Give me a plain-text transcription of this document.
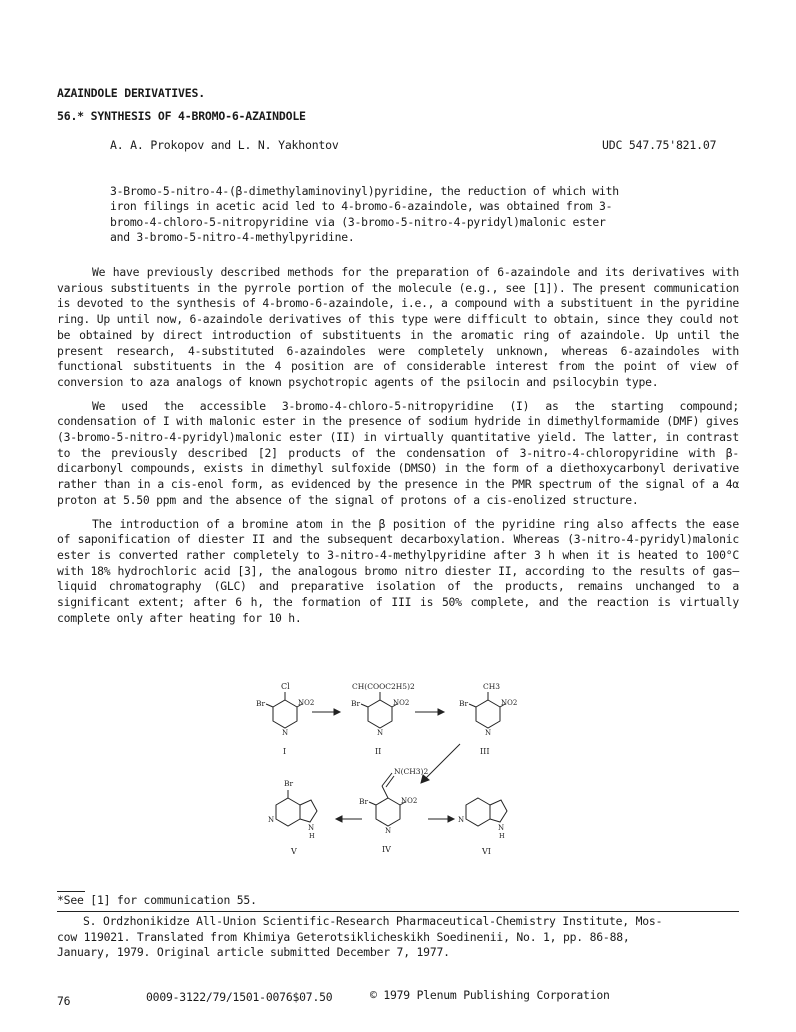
AZAINDOLE DERIVATIVES.
56.* SYNTHESIS OF 4-BROMO-6-AZAINDOLE
A. A. Prokopov and L. N. Yakhontov	UDC 547.75'821.07
3-Bromo-5-nitro-4-(β-dimethylaminovinyl)pyridine, the reduction of which with
iron filings in acetic acid led to 4-bromo-6-azaindole, was obtained from 3-
bromo-4-chloro-5-nitropyridine via (3-bromo-5-nitro-4-pyridyl)malonic ester
and 3-bromo-5-nitro-4-methylpyridine.

We have previously described methods for the preparation of 6-azaindole and its derivatives with various substituents in the pyrrole portion of the molecule (e.g., see [1]). The present communication is devoted to the synthesis of 4-bromo-6-azaindole, i.e., a compound with a substituent in the pyridine ring. Up until now, 6-azaindole derivatives of this type were difficult to obtain, since they could not be obtained by direct introduction of substituents in the aromatic ring of azaindole. Up until the present research, 4-substituted 6-azaindoles were completely unknown, whereas 6-azaindoles with functional substituents in the 4 position are of considerable interest from the point of view of conversion to aza analogs of known psychotropic agents of the psilocin and psilocybin type.

We used the accessible 3-bromo-4-chloro-5-nitropyridine (I) as the starting compound; condensation of I with malonic ester in the presence of sodium hydride in dimethylformamide (DMF) gives (3-bromo-5-nitro-4-pyridyl)malonic ester (II) in virtually quantitative yield. The latter, in contrast to the previously described [2] products of the condensation of 3-nitro-4-chloropyridine with β-dicarbonyl compounds, exists in dimethyl sulfoxide (DMSO) in the form of a diethoxycarbonyl derivative rather than in a cis-enol form, as evidenced by the presence in the PMR spectrum of the signal of a 4α proton at 5.50 ppm and the absence of the signal of protons of a cis-enolized structure.

The introduction of a bromine atom in the β position of the pyridine ring also affects the ease of saponification of diester II and the subsequent decarboxylation. Whereas (3-nitro-4-pyridyl)malonic ester is converted rather completely to 3-nitro-4-methylpyridine after 3 h when it is heated to 100°C with 18% hydrochloric acid [3], the analogous bromo nitro diester II, according to the results of gas–liquid chromatography (GLC) and preparative isolation of the products, remains unchanged to a significant extent; after 6 h, the formation of III is 50% complete, and the reaction is virtually complete only after heating for 10 h.

Cl
Br	NO2
N
I
CH(COOC2H5)2
Br	NO2
N
II
CH3
Br	NO2
N
III
N(CH3)2
Br	NO2
N
IV
Br
N
N
H
V
N
N
H
VI
*See [1] for communication 55.
S. Ordzhonikidze All-Union Scientific-Research Pharmaceutical-Chemistry Institute, Mos-
cow 119021. Translated from Khimiya Geterotsiklicheskikh Soedinenii, No. 1, pp. 86-88,
January, 1979. Original article submitted December 7, 1977.
76	0009-3122/79/1501-0076$07.50	© 1979 Plenum Publishing Corporation
